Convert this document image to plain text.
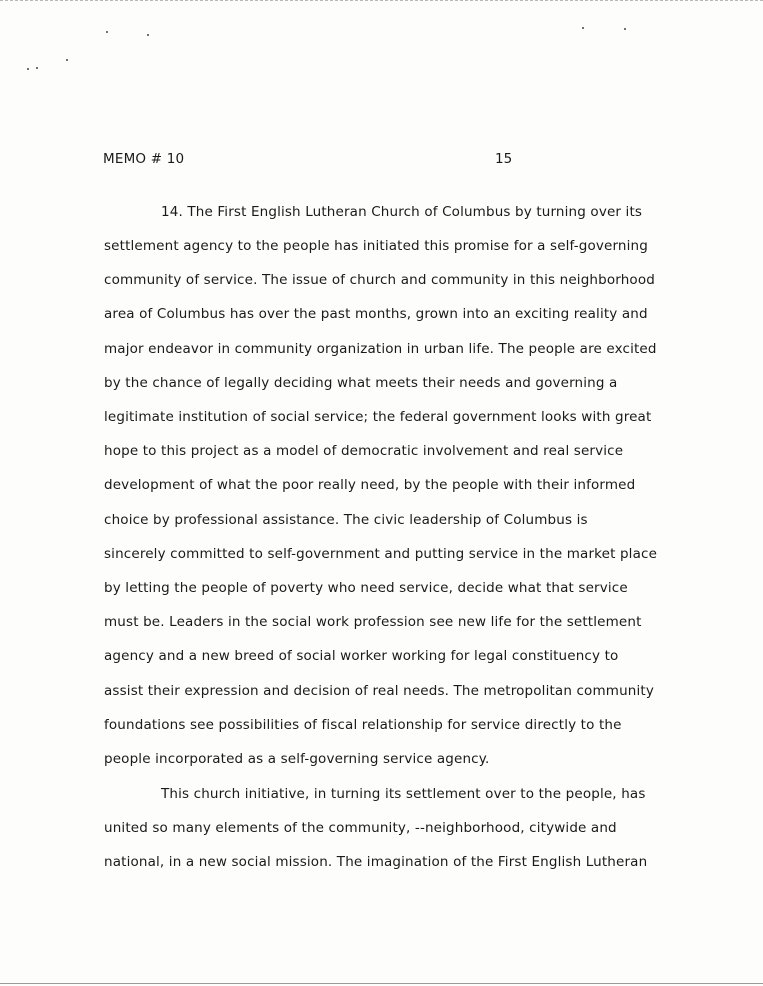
MEMO # 10	15
14. The First English Lutheran Church of Columbus by turning over its
settlement agency to the people has initiated this promise for a self-governing
community of service. The issue of church and community in this neighborhood
area of Columbus has over the past months, grown into an exciting reality and
major endeavor in community organization in urban life. The people are excited
by the chance of legally deciding what meets their needs and governing a
legitimate institution of social service; the federal government looks with great
hope to this project as a model of democratic involvement and real service
development of what the poor really need, by the people with their informed
choice by professional assistance. The civic leadership of Columbus is
sincerely committed to self-government and putting service in the market place
by letting the people of poverty who need service, decide what that service
must be. Leaders in the social work profession see new life for the settlement
agency and a new breed of social worker working for legal constituency to
assist their expression and decision of real needs. The metropolitan community
foundations see possibilities of fiscal relationship for service directly to the
people incorporated as a self-governing service agency.
This church initiative, in turning its settlement over to the people, has
united so many elements of the community, --neighborhood, citywide and
national, in a new social mission. The imagination of the First English Lutheran
